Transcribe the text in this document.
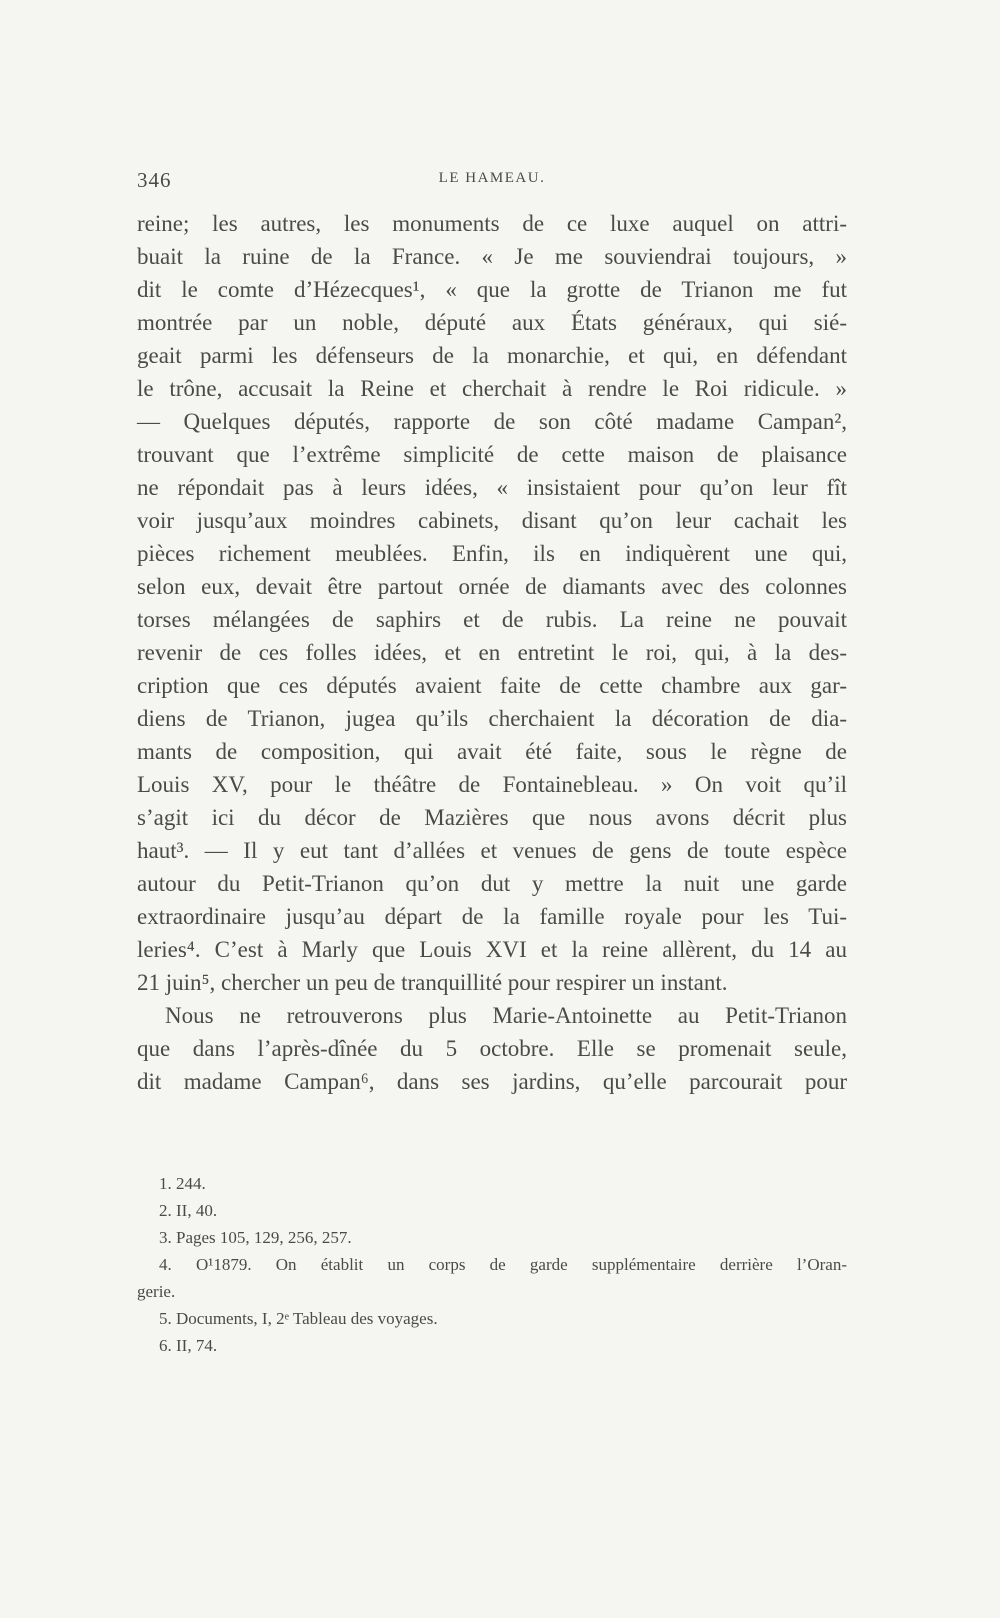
346	LE HAMEAU.
reine; les autres, les monuments de ce luxe auquel on attri-
buait la ruine de la France. « Je me souviendrai toujours, »
dit le comte d’Hézecques¹, « que la grotte de Trianon me fut
montrée par un noble, député aux États généraux, qui sié-
geait parmi les défenseurs de la monarchie, et qui, en défendant
le trône, accusait la Reine et cherchait à rendre le Roi ridicule. »
— Quelques députés, rapporte de son côté madame Campan²,
trouvant que l’extrême simplicité de cette maison de plaisance
ne répondait pas à leurs idées, « insistaient pour qu’on leur fît
voir jusqu’aux moindres cabinets, disant qu’on leur cachait les
pièces richement meublées. Enfin, ils en indiquèrent une qui,
selon eux, devait être partout ornée de diamants avec des colonnes
torses mélangées de saphirs et de rubis. La reine ne pouvait
revenir de ces folles idées, et en entretint le roi, qui, à la des-
cription que ces députés avaient faite de cette chambre aux gar-
diens de Trianon, jugea qu’ils cherchaient la décoration de dia-
mants de composition, qui avait été faite, sous le règne de
Louis XV, pour le théâtre de Fontainebleau. » On voit qu’il
s’agit ici du décor de Mazières que nous avons décrit plus
haut³. — Il y eut tant d’allées et venues de gens de toute espèce
autour du Petit-Trianon qu’on dut y mettre la nuit une garde
extraordinaire jusqu’au départ de la famille royale pour les Tui-
leries⁴. C’est à Marly que Louis XVI et la reine allèrent, du 14 au
21 juin⁵, chercher un peu de tranquillité pour respirer un instant.
Nous ne retrouverons plus Marie-Antoinette au Petit-Trianon
que dans l’après-dînée du 5 octobre. Elle se promenait seule,
dit madame Campan⁶, dans ses jardins, qu’elle parcourait pour
1. 244.
2. II, 40.
3. Pages 105, 129, 256, 257.
4. O¹1879. On établit un corps de garde supplémentaire derrière l’Oran-
gerie.
5. Documents, I, 2ᵉ Tableau des voyages.
6. II, 74.
